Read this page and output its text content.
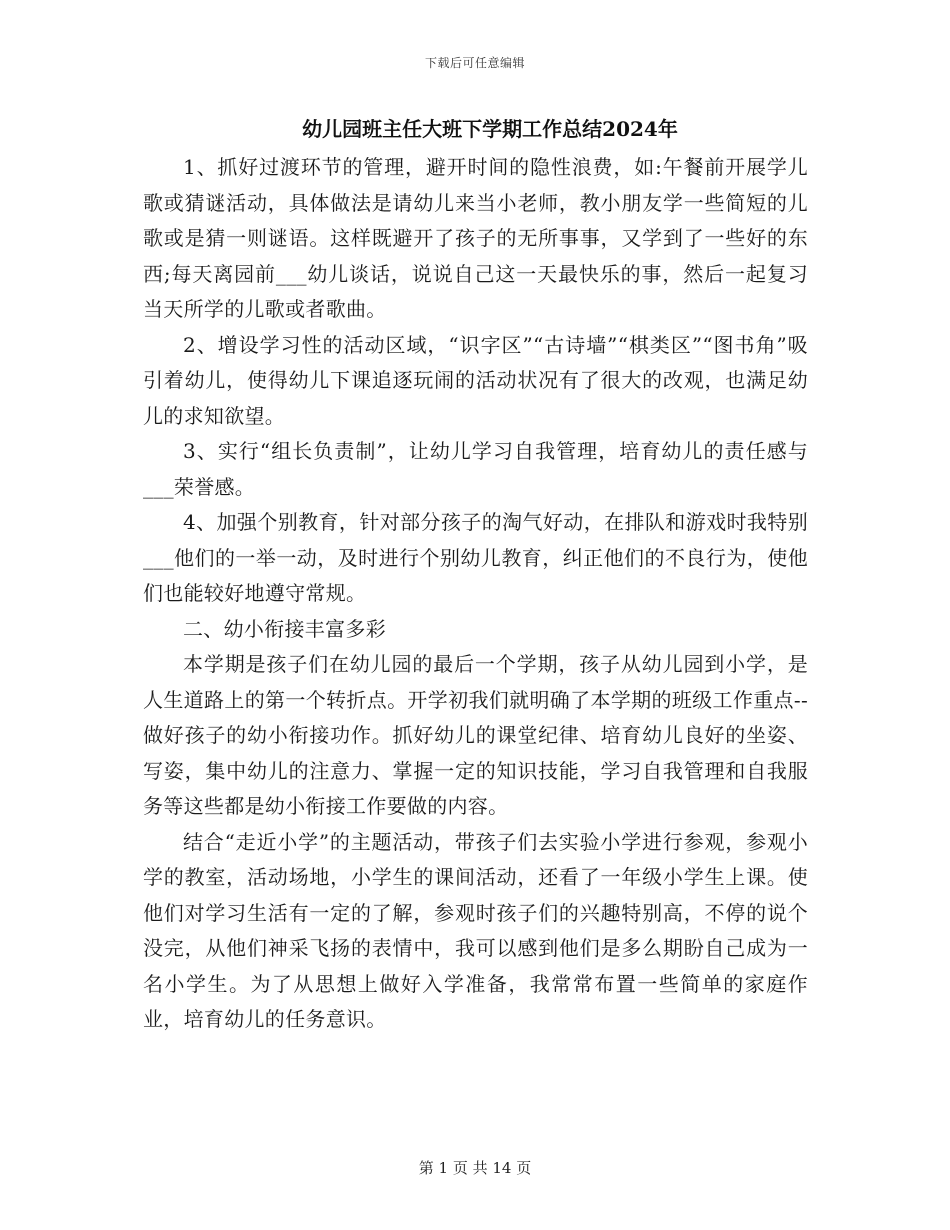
下载后可任意编辑
幼儿园班主任大班下学期工作总结2024年

1、抓好过渡环节的管理，避开时间的隐性浪费，如:午餐前开展学儿歌或猜谜活动，具体做法是请幼儿来当小老师，教小朋友学一些简短的儿歌或是猜一则谜语。这样既避开了孩子的无所事事，又学到了一些好的东西;每天离园前___幼儿谈话，说说自己这一天最快乐的事，然后一起复习当天所学的儿歌或者歌曲。

2、增设学习性的活动区域，“识字区”“古诗墙”“棋类区”“图书角”吸引着幼儿，使得幼儿下课追逐玩闹的活动状况有了很大的改观，也满足幼儿的求知欲望。

3、实行“组长负责制”，让幼儿学习自我管理，培育幼儿的责任感与___荣誉感。

4、加强个别教育，针对部分孩子的淘气好动，在排队和游戏时我特别___他们的一举一动，及时进行个别幼儿教育，纠正他们的不良行为，使他们也能较好地遵守常规。

二、幼小衔接丰富多彩

本学期是孩子们在幼儿园的最后一个学期，孩子从幼儿园到小学，是人生道路上的第一个转折点。开学初我们就明确了本学期的班级工作重点--做好孩子的幼小衔接功作。抓好幼儿的课堂纪律、培育幼儿良好的坐姿、写姿，集中幼儿的注意力、掌握一定的知识技能，学习自我管理和自我服务等这些都是幼小衔接工作要做的内容。

结合“走近小学”的主题活动，带孩子们去实验小学进行参观，参观小学的教室，活动场地，小学生的课间活动，还看了一年级小学生上课。使他们对学习生活有一定的了解，参观时孩子们的兴趣特别高，不停的说个没完，从他们神采飞扬的表情中，我可以感到他们是多么期盼自己成为一名小学生。为了从思想上做好入学准备，我常常布置一些简单的家庭作业，培育幼儿的任务意识。

第 1 页 共 14 页
